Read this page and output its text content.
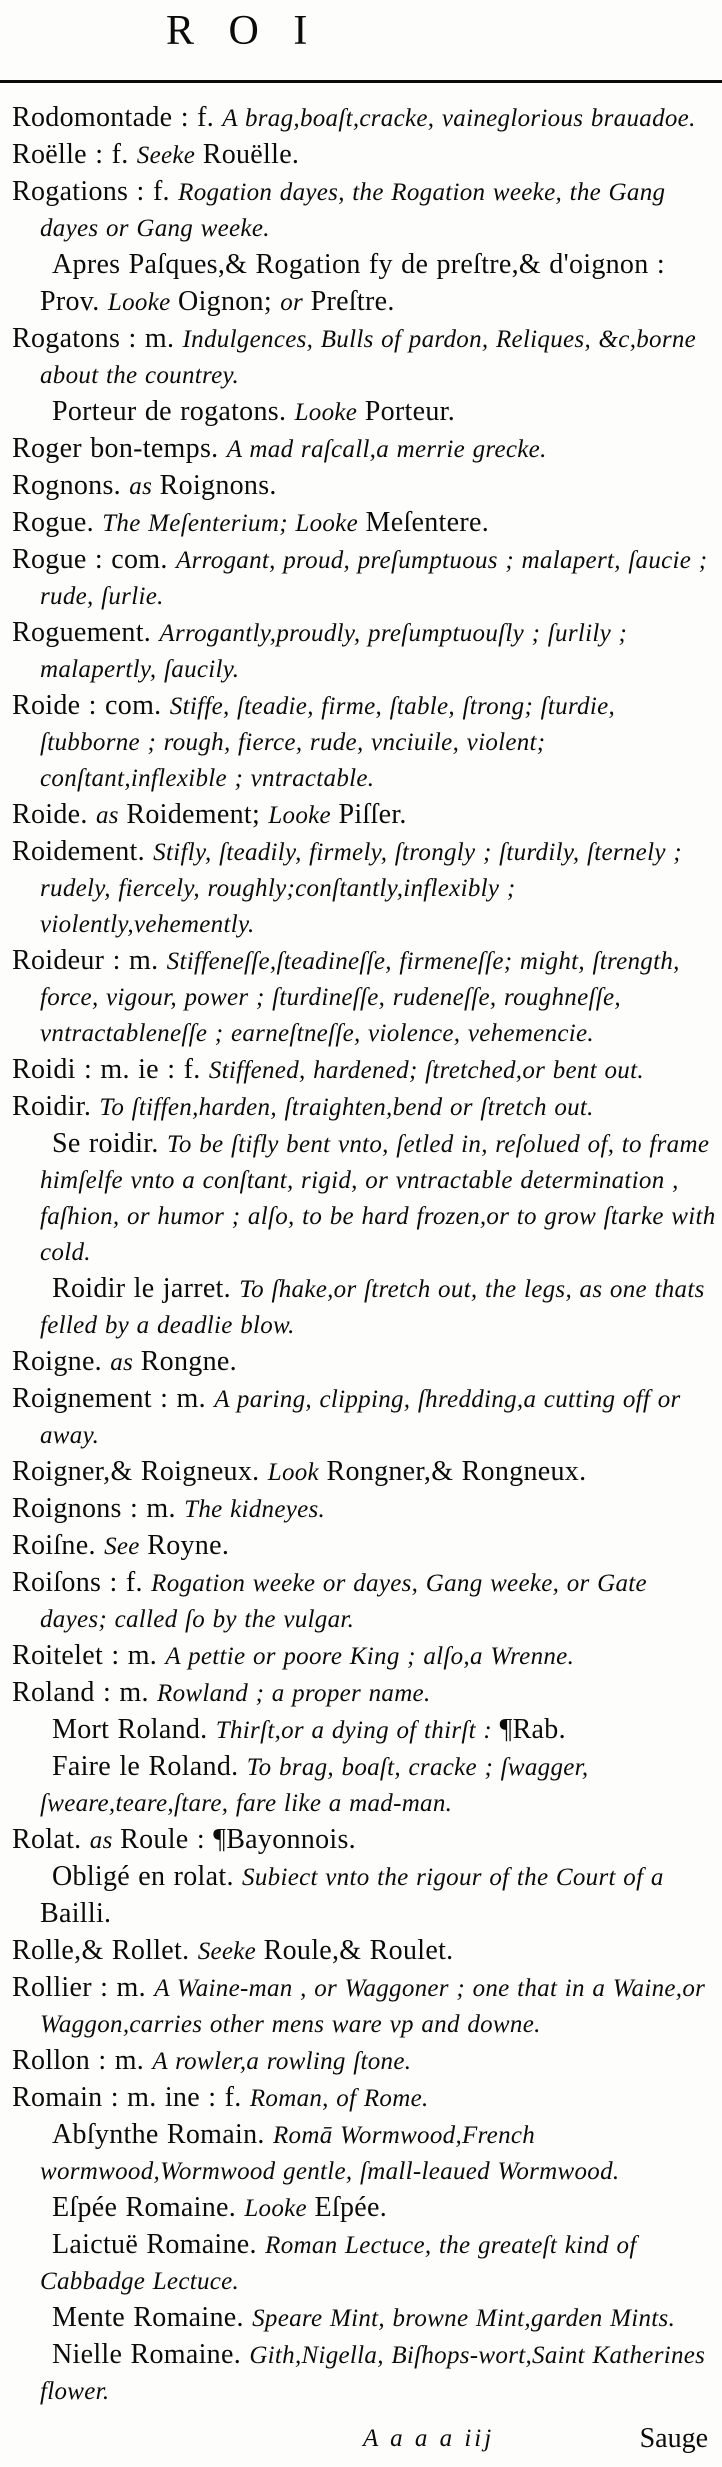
R O I

Rodomontade : f. A brag,boaſt,cracke, vaineglorious brauadoe.

Roëlle : f. Seeke Rouëlle.

Rogations : f. Rogation dayes, the Rogation weeke, the Gang dayes or Gang weeke.

Apres Paſques,& Rogation fy de preſtre,& d'oignon : Prov. Looke Oignon; or Preſtre.

Rogatons : m. Indulgences, Bulls of pardon, Reliques, &c,borne about the countrey.

Porteur de rogatons. Looke Porteur.

Roger bon-temps. A mad raſcall,a merrie grecke.

Rognons. as Roignons.

Rogue. The Meſenterium; Looke Meſentere.

Rogue : com. Arrogant, proud, preſumptuous ; malapert, ſaucie ; rude, ſurlie.

Roguement. Arrogantly,proudly, preſumptuouſly ; ſurlily ; malapertly, ſaucily.

Roide : com. Stiffe, ſteadie, firme, ſtable, ſtrong; ſturdie, ſtubborne ; rough, fierce, rude, vnciuile, violent; conſtant,inflexible ; vntractable.

Roide. as Roidement; Looke Piſſer.

Roidement. Stifly, ſteadily, firmely, ſtrongly ; ſturdily, ſternely ; rudely, fiercely, roughly;conſtantly,inflexibly ; violently,vehemently.

Roideur : m. Stiffeneſſe,ſteadineſſe, firmeneſſe; might, ſtrength, force, vigour, power ; ſturdineſſe, rudeneſſe, roughneſſe, vntractableneſſe ; earneſtneſſe, violence, vehemencie.

Roidi : m. ie : f. Stiffened, hardened; ſtretched,or bent out.

Roidir. To ſtiffen,harden, ſtraighten,bend or ſtretch out.

Se roidir. To be ſtifly bent vnto, ſetled in, reſolued of, to frame himſelfe vnto a conſtant, rigid, or vntractable determination , faſhion, or humor ; alſo, to be hard frozen,or to grow ſtarke with cold.

Roidir le jarret. To ſhake,or ſtretch out, the legs, as one thats felled by a deadlie blow.

Roigne. as Rongne.

Roignement : m. A paring, clipping, ſhredding,a cutting off or away.

Roigner,& Roigneux. Look Rongner,& Rongneux.

Roignons : m. The kidneyes.

Roiſne. See Royne.

Roiſons : f. Rogation weeke or dayes, Gang weeke, or Gate dayes; called ſo by the vulgar.

Roitelet : m. A pettie or poore King ; alſo,a Wrenne.

Roland : m. Rowland ; a proper name.

Mort Roland. Thirſt,or a dying of thirſt : ¶Rab.

Faire le Roland. To brag, boaſt, cracke ; ſwagger, ſweare,teare,ſtare, fare like a mad-man.

Rolat. as Roule : ¶Bayonnois.

Obligé en rolat. Subiect vnto the rigour of the Court of a Bailli.

Rolle,& Rollet. Seeke Roule,& Roulet.

Rollier : m. A Waine-man , or Waggoner ; one that in a Waine,or Waggon,carries other mens ware vp and downe.

Rollon : m. A rowler,a rowling ſtone.

Romain : m. ine : f. Roman, of Rome.

Abſynthe Romain. Romā Wormwood,French wormwood,Wormwood gentle, ſmall-leaued Wormwood.

Eſpée Romaine. Looke Eſpée.

Laictuë Romaine. Roman Lectuce, the greateſt kind of Cabbadge Lectuce.

Mente Romaine. Speare Mint, browne Mint,garden Mints.

Nielle Romaine. Gith,Nigella, Biſhops-wort,Saint Katherines flower.

A a a a iij	Sauge
